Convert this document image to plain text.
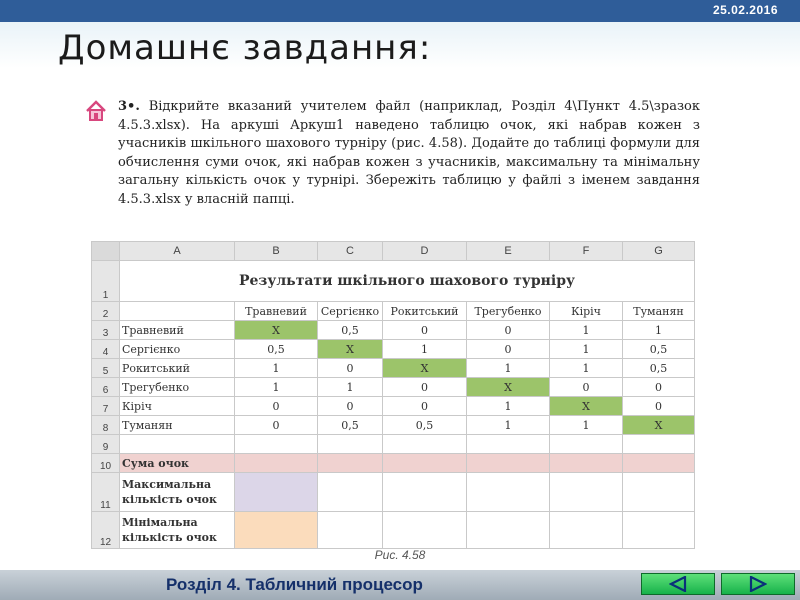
25.02.2016
Домашнє завдання:
3•. Відкрийте вказаний учителем файл (наприклад, Розділ 4\Пункт 4.5\зразок 4.5.3.xlsx). На аркуші Аркуш1 наведено таблицю очок, які набрав кожен з учасників шкільного шахового турніру (рис. 4.58). Додайте до таблиці формули для обчислення суми очок, які набрав кожен з учасників, максимальну та мінімальну загальну кількість очок у турнірі. Збережіть таблицю у файлі з іменем завдання 4.5.3.xlsx у власній папці.
	A	B	C	D	E	F	G
1	Результати шкільного шахового турніру						
2		Травневий	Сергієнко	Рокитський	Трегубенко	Кіріч	Туманян
3	Травневий	X	0,5	0	0	1	1
4	Сергієнко	0,5	X	1	0	1	0,5
5	Рокитський	1	0	X	1	1	0,5
6	Трегубенко	1	1	0	X	0	0
7	Кіріч	0	0	0	1	X	0
8	Туманян	0	0,5	0,5	1	1	X
9							
10	Сума очок						
11	Максимальна кількість очок						
12	Мінімальна кількість очок						
Рис. 4.58
Розділ 4. Табличний процесор
